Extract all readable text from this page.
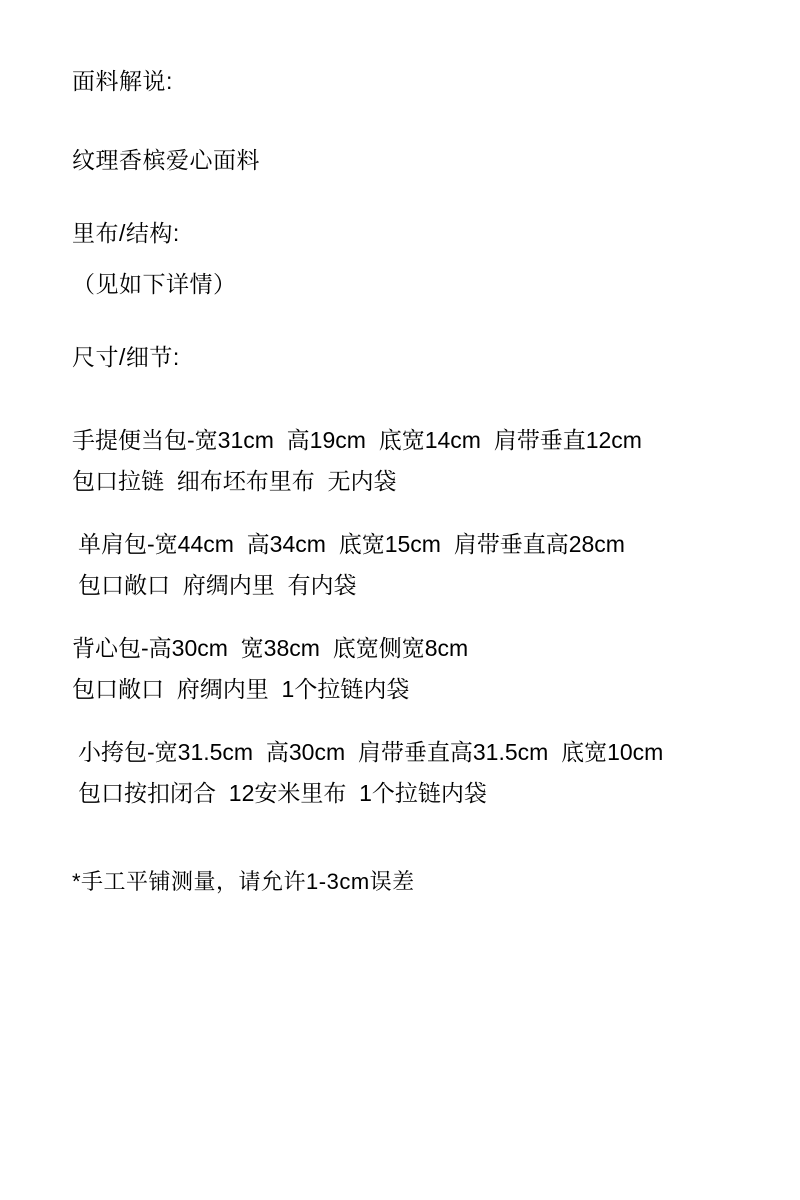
面料解说:
纹理香槟爱心面料
里布/结构:
（见如下详情）
尺寸/细节:
手提便当包-宽31cm  高19cm  底宽14cm  肩带垂直12cm
包口拉链  细布坯布里布  无内袋
单肩包-宽44cm  高34cm  底宽15cm  肩带垂直高28cm
包口敞口  府绸内里  有内袋
背心包-高30cm  宽38cm  底宽侧宽8cm
包口敞口  府绸内里  1个拉链内袋
小挎包-宽31.5cm  高30cm  肩带垂直高31.5cm  底宽10cm
包口按扣闭合  12安米里布  1个拉链内袋
*手工平铺测量，请允许1-3cm误差
